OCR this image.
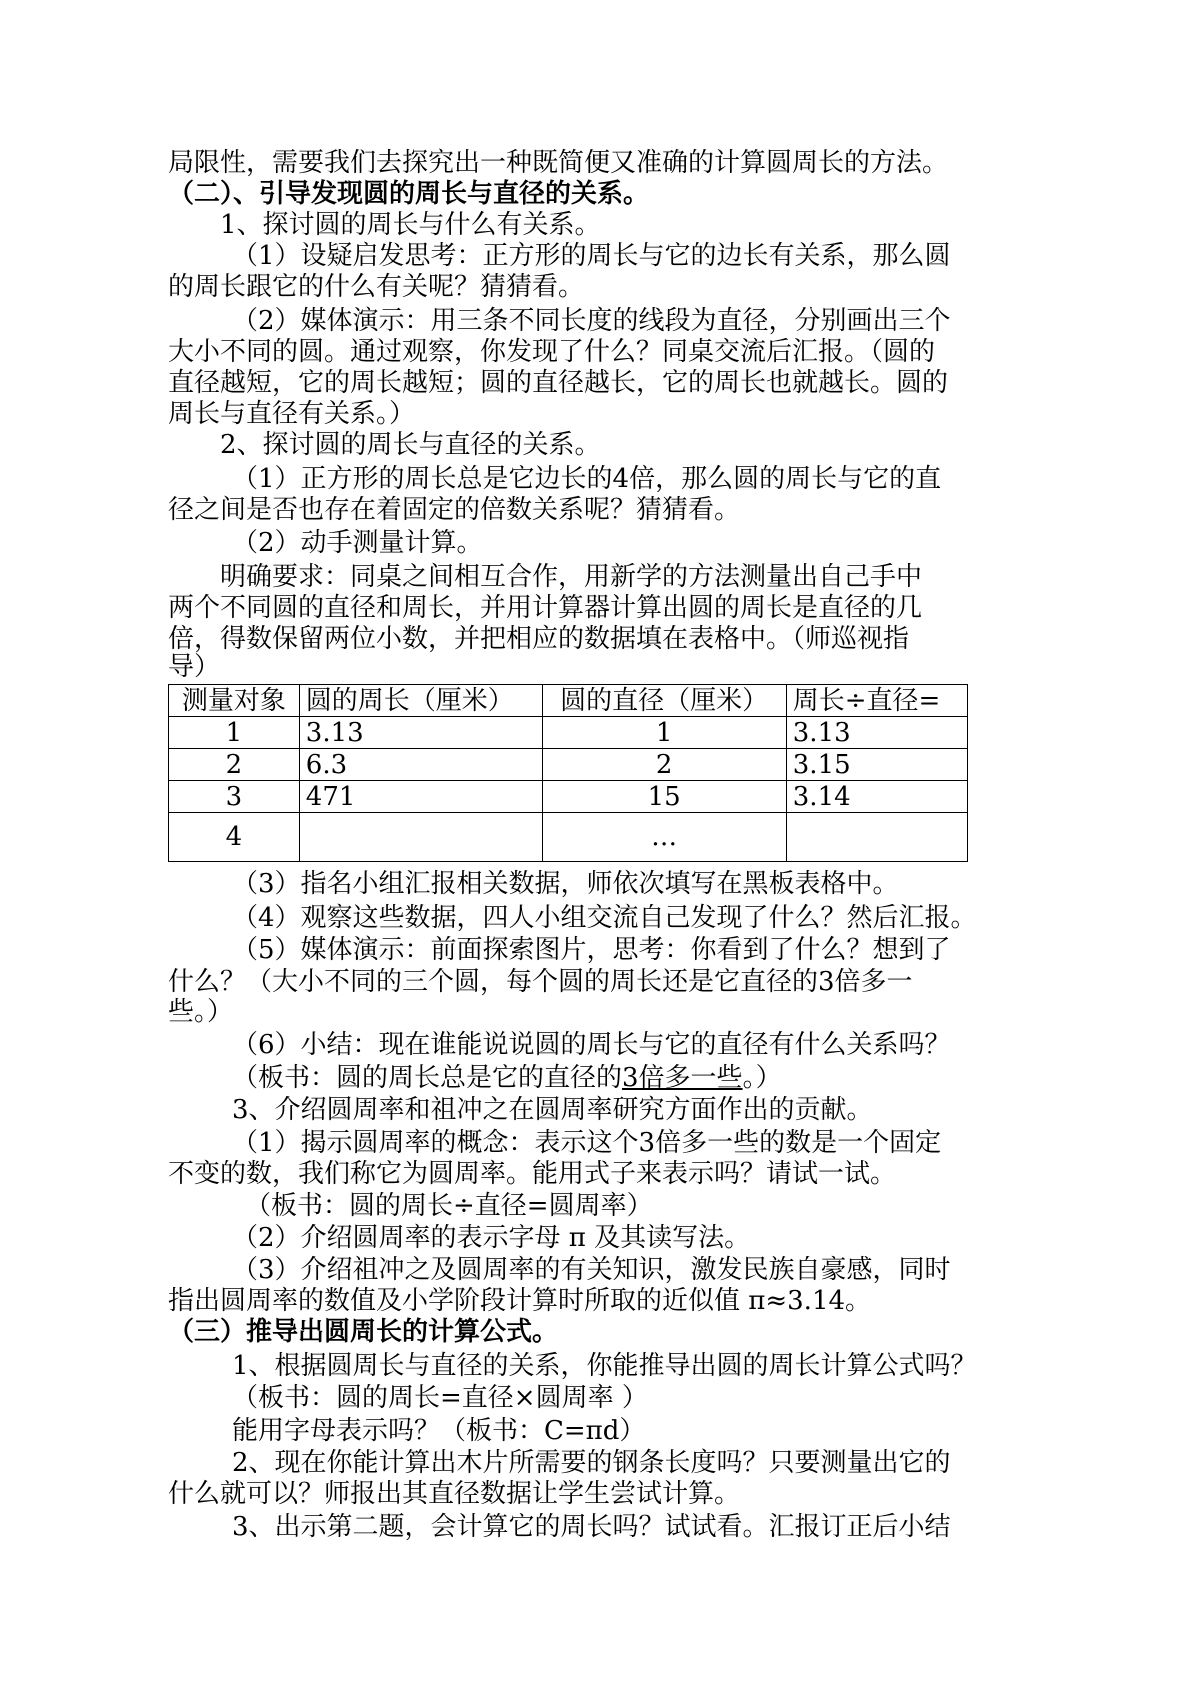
局限性，需要我们去探究出一种既简便又准确的计算圆周长的方法。
（二）、引导发现圆的周长与直径的关系。
1、探讨圆的周长与什么有关系。
（1）设疑启发思考：正方形的周长与它的边长有关系，那么圆
的周长跟它的什么有关呢？猜猜看。
（2）媒体演示：用三条不同长度的线段为直径，分别画出三个
大小不同的圆。通过观察，你发现了什么？同桌交流后汇报。（圆的
直径越短，它的周长越短；圆的直径越长，它的周长也就越长。圆的
周长与直径有关系。）
2、探讨圆的周长与直径的关系。
（1）正方形的周长总是它边长的4倍，那么圆的周长与它的直
径之间是否也存在着固定的倍数关系呢？猜猜看。
（2）动手测量计算。
明确要求：同桌之间相互合作，用新学的方法测量出自己手中
两个不同圆的直径和周长，并用计算器计算出圆的周长是直径的几
倍，得数保留两位小数，并把相应的数据填在表格中。（师巡视指
导）
测量对象	圆的周长（厘米）	圆的直径（厘米）	周长÷直径=
1	3.13	1	3.13
2	6.3	2	3.15
3	471	15	3.14
4		…	
（3）指名小组汇报相关数据，师依次填写在黑板表格中。
（4）观察这些数据，四人小组交流自己发现了什么？然后汇报。
（5）媒体演示：前面探索图片，思考：你看到了什么？想到了
什么？（大小不同的三个圆，每个圆的周长还是它直径的3倍多一
些。）
（6）小结：现在谁能说说圆的周长与它的直径有什么关系吗？
（板书：圆的周长总是它的直径的3倍多一些。）
3、介绍圆周率和祖冲之在圆周率研究方面作出的贡献。
（1）揭示圆周率的概念：表示这个3倍多一些的数是一个固定
不变的数，我们称它为圆周率。能用式子来表示吗？请试一试。
（板书：圆的周长÷直径=圆周率）
（2）介绍圆周率的表示字母 π 及其读写法。
（3）介绍祖冲之及圆周率的有关知识，激发民族自豪感，同时
指出圆周率的数值及小学阶段计算时所取的近似值 π≈3.14。
（三）推导出圆周长的计算公式。
1、根据圆周长与直径的关系，你能推导出圆的周长计算公式吗？
（板书：圆的周长=直径×圆周率 ）
能用字母表示吗？（板书：C=πd）
2、现在你能计算出木片所需要的钢条长度吗？只要测量出它的
什么就可以？师报出其直径数据让学生尝试计算。
3、出示第二题，会计算它的周长吗？试试看。汇报订正后小结
